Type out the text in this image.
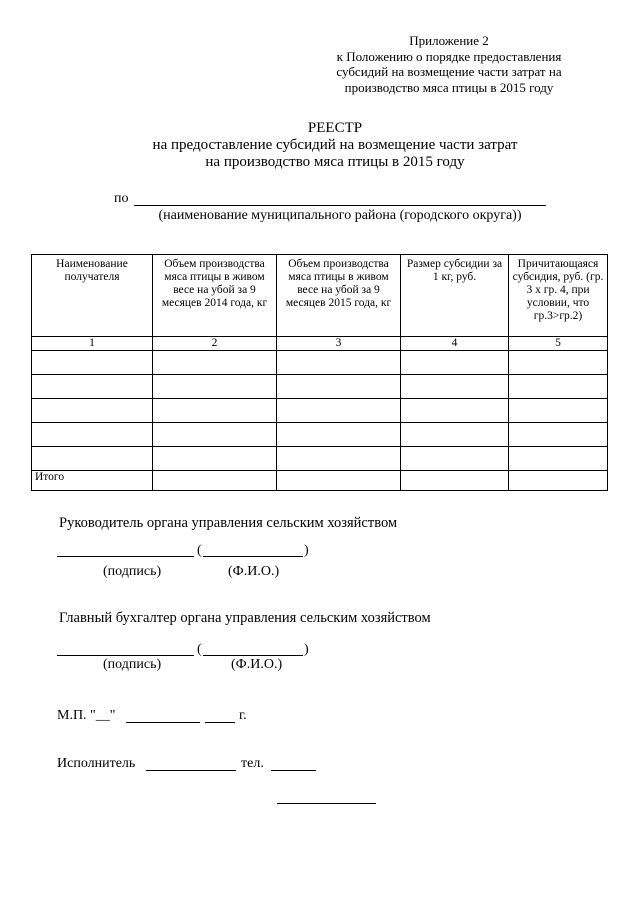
Приложение 2
к Положению о порядке предоставления
субсидий на возмещение части затрат на
производство мяса птицы в 2015 году
РЕЕСТР
на предоставление субсидий на возмещение части затрат
на производство мяса птицы в 2015 году
по
(наименование муниципального района (городского округа))
Наименование получателя	Объем производства мяса птицы в живом весе на убой за 9 месяцев 2014 года, кг	Объем производства мяса птицы в живом весе на убой за 9 месяцев 2015 года, кг	Размер субсидии за 1 кг, руб.	Причитающаяся субсидия, руб. (гр. 3 х гр. 4, при условии, что гр.3>гр.2)
1	2	3	4	5

Итого				
Руководитель органа управления сельским хозяйством
(	)
(подпись)	(Ф.И.О.)
Главный бухгалтер органа управления сельским хозяйством
(	)
(подпись)	(Ф.И.О.)
М.П. "__"	г.
Исполнитель	тел.
